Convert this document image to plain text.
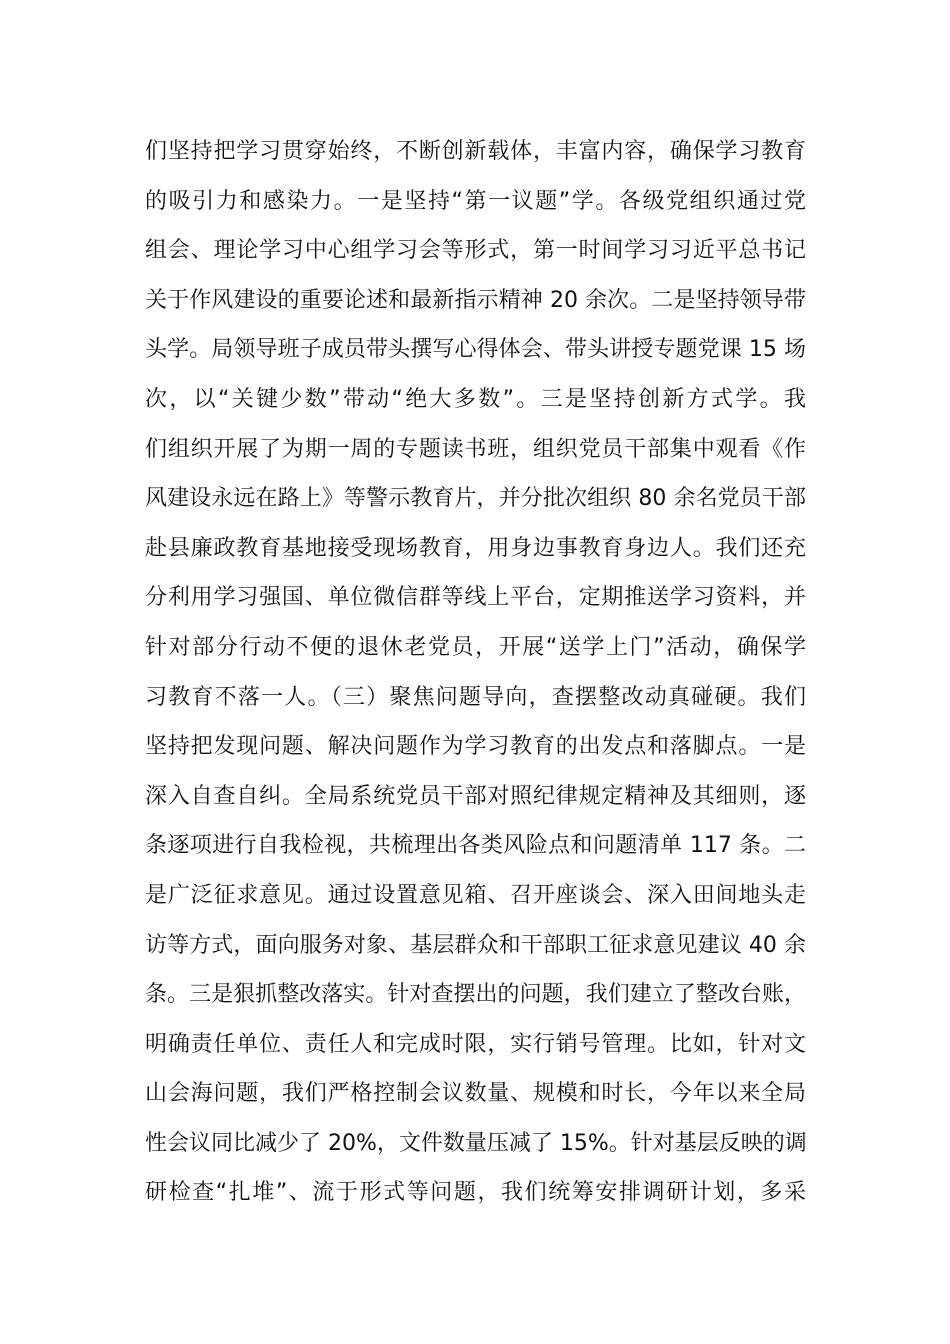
们坚持把学习贯穿始终，不断创新载体，丰富内容，确保学习教育
的吸引力和感染力。一是坚持“第一议题”学。各级党组织通过党
组会、理论学习中心组学习会等形式，第一时间学习习近平总书记
关于作风建设的重要论述和最新指示精神 20 余次。二是坚持领导带
头学。局领导班子成员带头撰写心得体会、带头讲授专题党课 15 场
次，以“关键少数”带动“绝大多数”。三是坚持创新方式学。我
们组织开展了为期一周的专题读书班，组织党员干部集中观看《作
风建设永远在路上》等警示教育片，并分批次组织 80 余名党员干部
赴县廉政教育基地接受现场教育，用身边事教育身边人。我们还充
分利用学习强国、单位微信群等线上平台，定期推送学习资料，并
针对部分行动不便的退休老党员，开展“送学上门”活动，确保学
习教育不落一人。（三）聚焦问题导向，查摆整改动真碰硬。我们
坚持把发现问题、解决问题作为学习教育的出发点和落脚点。一是
深入自查自纠。全局系统党员干部对照纪律规定精神及其细则，逐
条逐项进行自我检视，共梳理出各类风险点和问题清单 117 条。二
是广泛征求意见。通过设置意见箱、召开座谈会、深入田间地头走
访等方式，面向服务对象、基层群众和干部职工征求意见建议 40 余
条。三是狠抓整改落实。针对查摆出的问题，我们建立了整改台账，
明确责任单位、责任人和完成时限，实行销号管理。比如，针对文
山会海问题，我们严格控制会议数量、规模和时长，今年以来全局
性会议同比减少了 20%，文件数量压减了 15%。针对基层反映的调
研检查“扎堆”、流于形式等问题，我们统筹安排调研计划，多采
